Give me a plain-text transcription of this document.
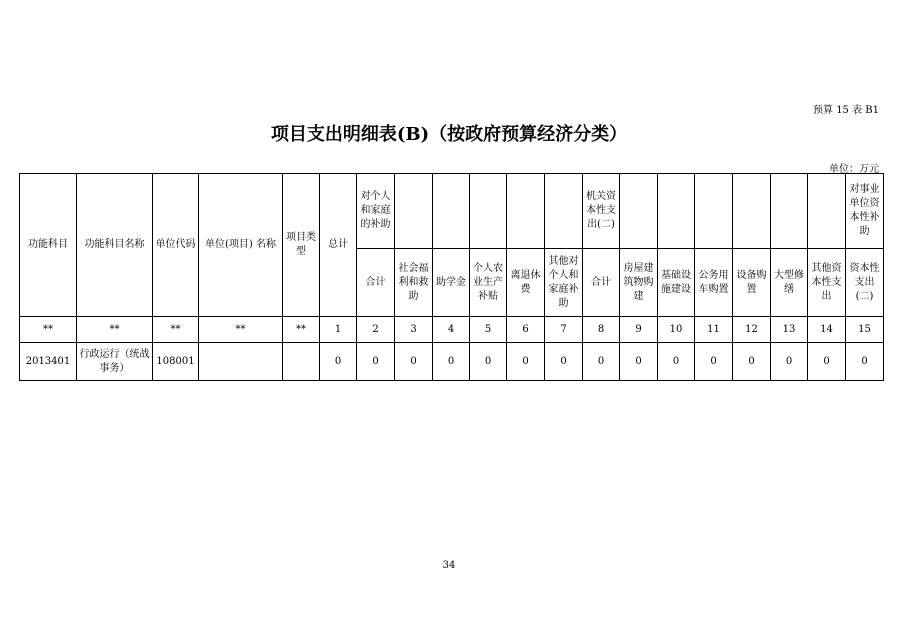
预算 15 表 B1
项目支出明细表(B)（按政府预算经济分类）
单位：万元
功能科目	功能科目名称	单位代码	单位(项目) 名称	项目类型	总计	对个人和家庭的补助						机关资本性支出(二)							对事业单位资本性补助
						合计	社会福利和救助	助学金	个人农业生产补贴	离退休费	其他对个人和家庭补助	合计	房屋建筑物购建	基础设施建设	公务用车购置	设备购置	大型修缮	其他资本性支出	资本性支出(二)
**	**	**	**	**	1	2	3	4	5	6	7	8	9	10	11	12	13	14	15
2013401	行政运行（统战事务）	108001			0	0	0	0	0	0	0	0	0	0	0	0	0	0	0
34
